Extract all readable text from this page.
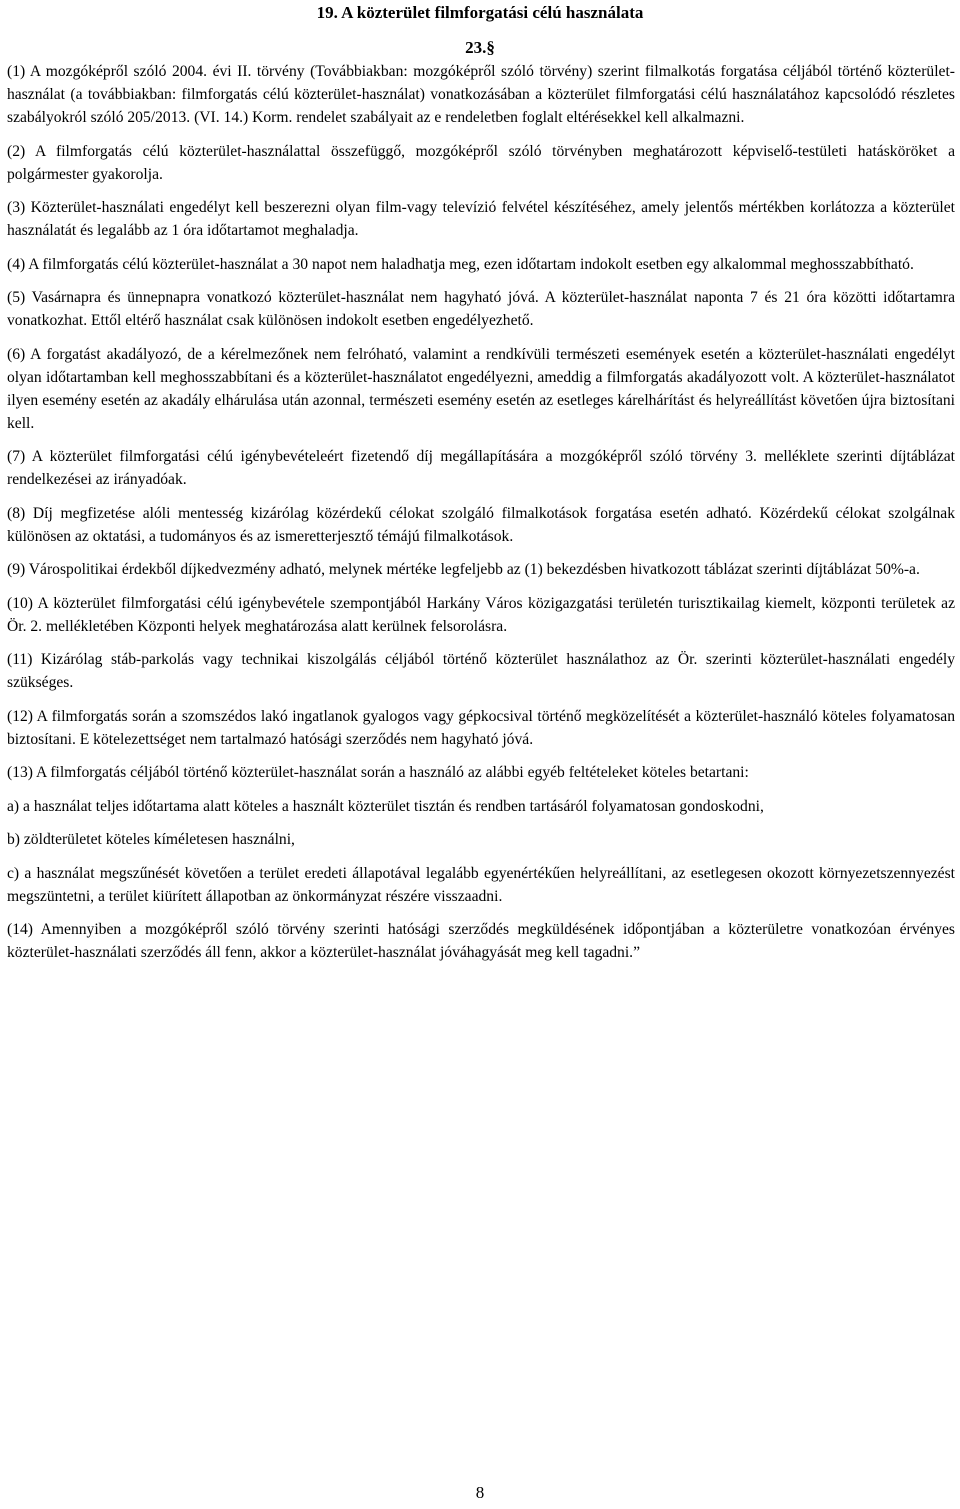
19. A közterület filmforgatási célú használata
23.§

(1) A mozgóképről szóló 2004. évi II. törvény (Továbbiakban: mozgóképről szóló törvény) szerint filmalkotás forgatása céljából történő közterület-használat (a továbbiakban: filmforgatás célú közterület-használat) vonatkozásában a közterület filmforgatási célú használatához kapcsolódó részletes szabályokról szóló 205/2013. (VI. 14.) Korm. rendelet szabályait az e rendeletben foglalt eltérésekkel kell alkalmazni.

(2) A filmforgatás célú közterület-használattal összefüggő, mozgóképről szóló törvényben meghatározott képviselő-testületi hatásköröket a polgármester gyakorolja.

(3) Közterület-használati engedélyt kell beszerezni olyan film-vagy televízió felvétel készítéséhez, amely jelentős mértékben korlátozza a közterület használatát és legalább az 1 óra időtartamot meghaladja.

(4) A filmforgatás célú közterület-használat a 30 napot nem haladhatja meg, ezen időtartam indokolt esetben egy alkalommal meghosszabbítható.

(5) Vasárnapra és ünnepnapra vonatkozó közterület-használat nem hagyható jóvá. A közterület-használat naponta 7 és 21 óra közötti időtartamra vonatkozhat. Ettől eltérő használat csak különösen indokolt esetben engedélyezhető.

(6) A forgatást akadályozó, de a kérelmezőnek nem felróható, valamint a rendkívüli természeti események esetén a közterület-használati engedélyt olyan időtartamban kell meghosszabbítani és a közterület-használatot engedélyezni, ameddig a filmforgatás akadályozott volt. A közterület-használatot ilyen esemény esetén az akadály elhárulása után azonnal, természeti esemény esetén az esetleges kárelhárítást és helyreállítást követően újra biztosítani kell.

(7) A közterület filmforgatási célú igénybevételeért fizetendő díj megállapítására a mozgóképről szóló törvény 3. melléklete szerinti díjtáblázat rendelkezései az irányadóak.

(8) Díj megfizetése alóli mentesség kizárólag közérdekű célokat szolgáló filmalkotások forgatása esetén adható. Közérdekű célokat szolgálnak különösen az oktatási, a tudományos és az ismeretterjesztő témájú filmalkotások.

(9) Várospolitikai érdekből díjkedvezmény adható, melynek mértéke legfeljebb az (1) bekezdésben hivatkozott táblázat szerinti díjtáblázat 50%-a.

(10) A közterület filmforgatási célú igénybevétele szempontjából Harkány Város közigazgatási területén turisztikailag kiemelt, központi területek az Ör. 2. mellékletében Központi helyek meghatározása alatt kerülnek felsorolásra.

(11) Kizárólag stáb-parkolás vagy technikai kiszolgálás céljából történő közterület használathoz az Ör. szerinti közterület-használati engedély szükséges.

(12) A filmforgatás során a szomszédos lakó ingatlanok gyalogos vagy gépkocsival történő megközelítését a közterület-használó köteles folyamatosan biztosítani. E kötelezettséget nem tartalmazó hatósági szerződés nem hagyható jóvá.

(13) A filmforgatás céljából történő közterület-használat során a használó az alábbi egyéb feltételeket köteles betartani:

a) a használat teljes időtartama alatt köteles a használt közterület tisztán és rendben tartásáról folyamatosan gondoskodni,

b) zöldterületet köteles kíméletesen használni,

c) a használat megszűnését követően a terület eredeti állapotával legalább egyenértékűen helyreállítani, az esetlegesen okozott környezetszennyezést megszüntetni, a terület kiürített állapotban az önkormányzat részére visszaadni.

(14) Amennyiben a mozgóképről szóló törvény szerinti hatósági szerződés megküldésének időpontjában a közterületre vonatkozóan érvényes közterület-használati szerződés áll fenn, akkor a közterület-használat jóváhagyását meg kell tagadni.”

8
